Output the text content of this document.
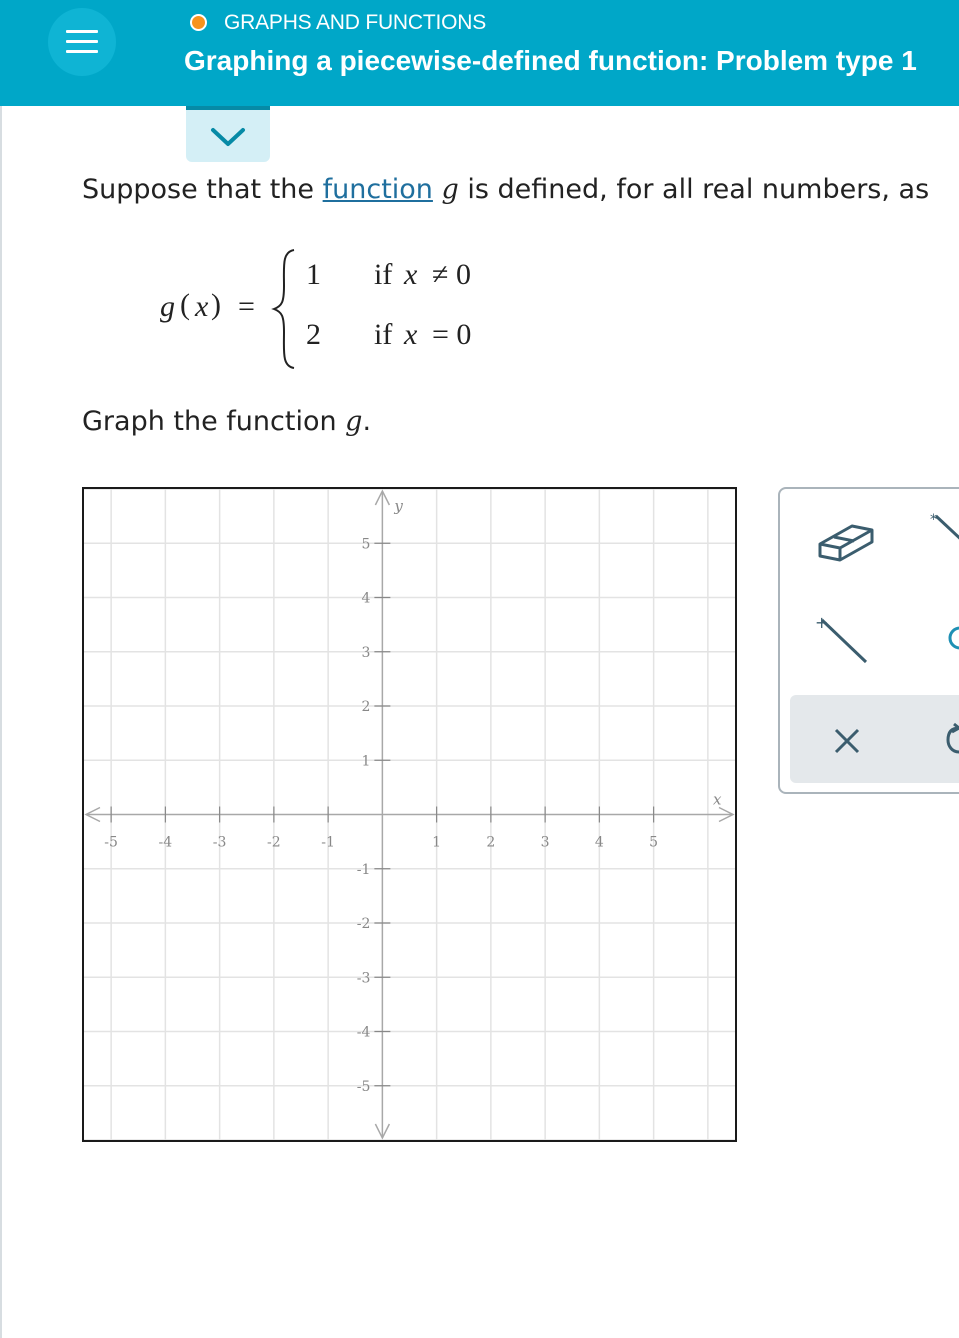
GRAPHS AND FUNCTIONS
Graphing a piecewise-defined function: Problem type 1
Suppose that the function g is defined, for all real numbers, as
g ( x ) =
1 if x ≠ 0
2 if x = 0
Graph the function g.
x
y
-5	-4	-3	-2	-1	1	2	3	4	5
5
4
3
2
1
-1
-2
-3
-4
-5
*
+
